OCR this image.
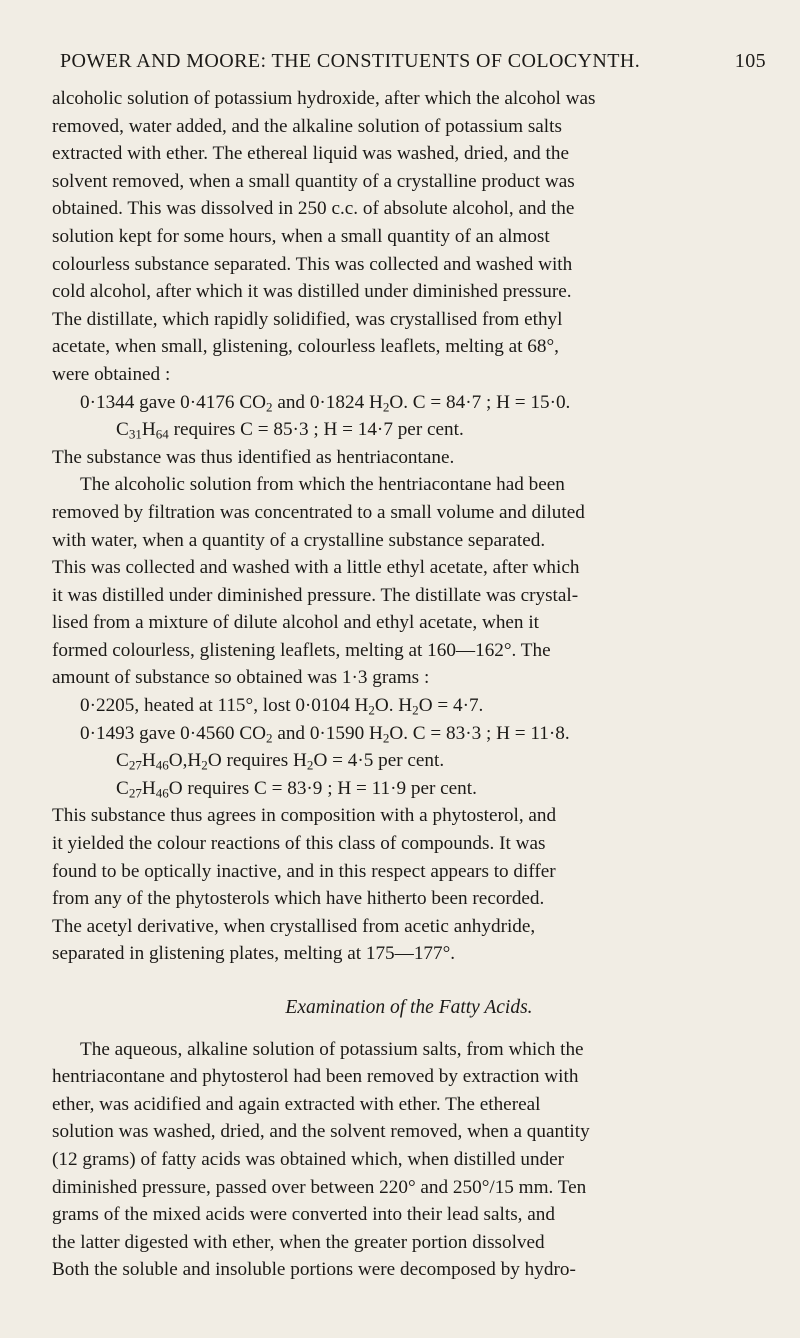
POWER AND MOORE: THE CONSTITUENTS OF COLOCYNTH.	105

alcoholic solution of potassium hydroxide, after which the alcohol was
removed, water added, and the alkaline solution of potassium salts
extracted with ether. The ethereal liquid was washed, dried, and the
solvent removed, when a small quantity of a crystalline product was
obtained. This was dissolved in 250 c.c. of absolute alcohol, and the
solution kept for some hours, when a small quantity of an almost
colourless substance separated. This was collected and washed with
cold alcohol, after which it was distilled under diminished pressure.
The distillate, which rapidly solidified, was crystallised from ethyl
acetate, when small, glistening, colourless leaflets, melting at 68°,
were obtained :

0·1344 gave 0·4176 $CO_2$ and 0·1824 $H_2O$. C = 84·7 ; H = 15·0.

$C_{31}H_{64}$ requires C = 85·3 ; H = 14·7 per cent.

The substance was thus identified as hentriacontane.

The alcoholic solution from which the hentriacontane had been
removed by filtration was concentrated to a small volume and diluted
with water, when a quantity of a crystalline substance separated.
This was collected and washed with a little ethyl acetate, after which
it was distilled under diminished pressure. The distillate was crystal-
lised from a mixture of dilute alcohol and ethyl acetate, when it
formed colourless, glistening leaflets, melting at 160—162°. The
amount of substance so obtained was 1·3 grams :

0·2205, heated at 115°, lost 0·0104 $H_2O$. $H_2O = 4\cdot 7$.

0·1493 gave 0·4560 $CO_2$ and 0·1590 $H_2O$. C = 83·3 ; H = 11·8.

$C_{27}H_{46}O,H_2O$ requires $H_2O = 4\cdot 5$ per cent.

$C_{27}H_{46}O$ requires C = 83·9 ; H = 11·9 per cent.

This substance thus agrees in composition with a phytosterol, and
it yielded the colour reactions of this class of compounds. It was
found to be optically inactive, and in this respect appears to differ
from any of the phytosterols which have hitherto been recorded.
The acetyl derivative, when crystallised from acetic anhydride,
separated in glistening plates, melting at 175—177°.

Examination of the Fatty Acids.

The aqueous, alkaline solution of potassium salts, from which the
hentriacontane and phytosterol had been removed by extraction with
ether, was acidified and again extracted with ether. The ethereal
solution was washed, dried, and the solvent removed, when a quantity
(12 grams) of fatty acids was obtained which, when distilled under
diminished pressure, passed over between 220° and 250°/15 mm. Ten
grams of the mixed acids were converted into their lead salts, and
the latter digested with ether, when the greater portion dissolved
Both the soluble and insoluble portions were decomposed by hydro-
